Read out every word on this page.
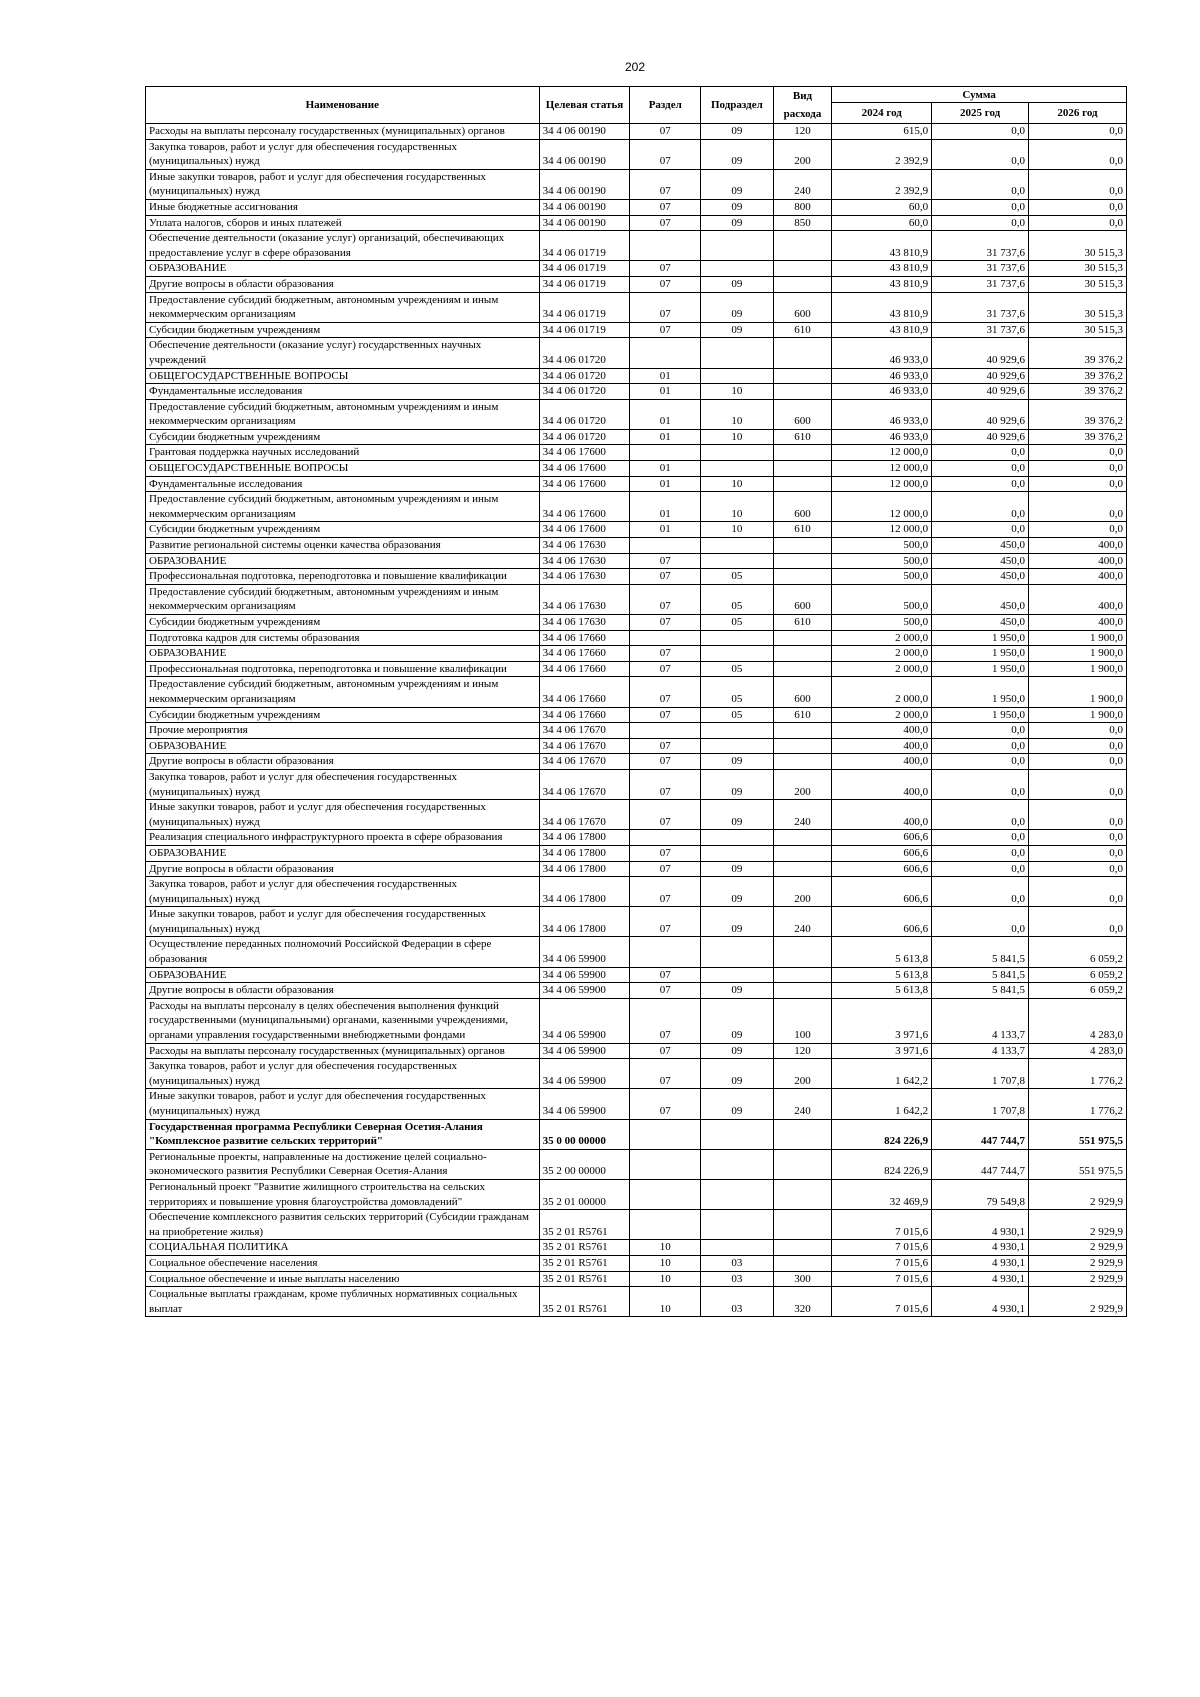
202
Наименование	Целевая статья	Раздел	Подраздел	Вид расхода	Сумма		
					2024 год	2025 год	2026 год
Расходы на выплаты персоналу государственных (муниципальных) органов	34 4 06 00190	07	09	120	615,0	0,0	0,0
Закупка товаров, работ и услуг для обеспечения государственных (муниципальных) нужд	34 4 06 00190	07	09	200	2 392,9	0,0	0,0
Иные закупки товаров, работ и услуг для обеспечения государственных (муниципальных) нужд	34 4 06 00190	07	09	240	2 392,9	0,0	0,0
Иные бюджетные ассигнования	34 4 06 00190	07	09	800	60,0	0,0	0,0
Уплата налогов, сборов и иных платежей	34 4 06 00190	07	09	850	60,0	0,0	0,0
Обеспечение деятельности (оказание услуг) организаций, обеспечивающих предоставление услуг в сфере образования	34 4 06 01719				43 810,9	31 737,6	30 515,3
ОБРАЗОВАНИЕ	34 4 06 01719	07			43 810,9	31 737,6	30 515,3
Другие вопросы в области образования	34 4 06 01719	07	09		43 810,9	31 737,6	30 515,3
Предоставление субсидий бюджетным, автономным учреждениям и иным некоммерческим организациям	34 4 06 01719	07	09	600	43 810,9	31 737,6	30 515,3
Субсидии бюджетным учреждениям	34 4 06 01719	07	09	610	43 810,9	31 737,6	30 515,3
Обеспечение деятельности (оказание услуг) государственных научных учреждений	34 4 06 01720				46 933,0	40 929,6	39 376,2
ОБЩЕГОСУДАРСТВЕННЫЕ ВОПРОСЫ	34 4 06 01720	01			46 933,0	40 929,6	39 376,2
Фундаментальные исследования	34 4 06 01720	01	10		46 933,0	40 929,6	39 376,2
Предоставление субсидий бюджетным, автономным учреждениям и иным некоммерческим организациям	34 4 06 01720	01	10	600	46 933,0	40 929,6	39 376,2
Субсидии бюджетным учреждениям	34 4 06 01720	01	10	610	46 933,0	40 929,6	39 376,2
Грантовая поддержка научных исследований	34 4 06 17600				12 000,0	0,0	0,0
ОБЩЕГОСУДАРСТВЕННЫЕ ВОПРОСЫ	34 4 06 17600	01			12 000,0	0,0	0,0
Фундаментальные исследования	34 4 06 17600	01	10		12 000,0	0,0	0,0
Предоставление субсидий бюджетным, автономным учреждениям и иным некоммерческим организациям	34 4 06 17600	01	10	600	12 000,0	0,0	0,0
Субсидии бюджетным учреждениям	34 4 06 17600	01	10	610	12 000,0	0,0	0,0
Развитие региональной системы оценки качества образования	34 4 06 17630				500,0	450,0	400,0
ОБРАЗОВАНИЕ	34 4 06 17630	07			500,0	450,0	400,0
Профессиональная подготовка, переподготовка и повышение квалификации	34 4 06 17630	07	05		500,0	450,0	400,0
Предоставление субсидий бюджетным, автономным учреждениям и иным некоммерческим организациям	34 4 06 17630	07	05	600	500,0	450,0	400,0
Субсидии бюджетным учреждениям	34 4 06 17630	07	05	610	500,0	450,0	400,0
Подготовка кадров для системы образования	34 4 06 17660				2 000,0	1 950,0	1 900,0
ОБРАЗОВАНИЕ	34 4 06 17660	07			2 000,0	1 950,0	1 900,0
Профессиональная подготовка, переподготовка и повышение квалификации	34 4 06 17660	07	05		2 000,0	1 950,0	1 900,0
Предоставление субсидий бюджетным, автономным учреждениям и иным некоммерческим организациям	34 4 06 17660	07	05	600	2 000,0	1 950,0	1 900,0
Субсидии бюджетным учреждениям	34 4 06 17660	07	05	610	2 000,0	1 950,0	1 900,0
Прочие мероприятия	34 4 06 17670				400,0	0,0	0,0
ОБРАЗОВАНИЕ	34 4 06 17670	07			400,0	0,0	0,0
Другие вопросы в области образования	34 4 06 17670	07	09		400,0	0,0	0,0
Закупка товаров, работ и услуг для обеспечения государственных (муниципальных) нужд	34 4 06 17670	07	09	200	400,0	0,0	0,0
Иные закупки товаров, работ и услуг для обеспечения государственных (муниципальных) нужд	34 4 06 17670	07	09	240	400,0	0,0	0,0
Реализация специального инфраструктурного проекта в сфере образования	34 4 06 17800				606,6	0,0	0,0
ОБРАЗОВАНИЕ	34 4 06 17800	07			606,6	0,0	0,0
Другие вопросы в области образования	34 4 06 17800	07	09		606,6	0,0	0,0
Закупка товаров, работ и услуг для обеспечения государственных (муниципальных) нужд	34 4 06 17800	07	09	200	606,6	0,0	0,0
Иные закупки товаров, работ и услуг для обеспечения государственных (муниципальных) нужд	34 4 06 17800	07	09	240	606,6	0,0	0,0
Осуществление переданных полномочий Российской Федерации в сфере образования	34 4 06 59900				5 613,8	5 841,5	6 059,2
ОБРАЗОВАНИЕ	34 4 06 59900	07			5 613,8	5 841,5	6 059,2
Другие вопросы в области образования	34 4 06 59900	07	09		5 613,8	5 841,5	6 059,2
Расходы на выплаты персоналу в целях обеспечения выполнения функций государственными (муниципальными) органами, казенными учреждениями, органами управления государственными внебюджетными фондами	34 4 06 59900	07	09	100	3 971,6	4 133,7	4 283,0
Расходы на выплаты персоналу государственных (муниципальных) органов	34 4 06 59900	07	09	120	3 971,6	4 133,7	4 283,0
Закупка товаров, работ и услуг для обеспечения государственных (муниципальных) нужд	34 4 06 59900	07	09	200	1 642,2	1 707,8	1 776,2
Иные закупки товаров, работ и услуг для обеспечения государственных (муниципальных) нужд	34 4 06 59900	07	09	240	1 642,2	1 707,8	1 776,2
Государственная программа Республики Северная Осетия-Алания "Комплексное развитие сельских территорий"	35 0 00 00000				824 226,9	447 744,7	551 975,5
Региональные проекты, направленные на достижение целей социально-экономического развития Республики Северная Осетия-Алания	35 2 00 00000				824 226,9	447 744,7	551 975,5
Региональный проект "Развитие жилищного строительства на сельских территориях и повышение уровня благоустройства домовладений"	35 2 01 00000				32 469,9	79 549,8	2 929,9
Обеспечение комплексного развития сельских территорий (Субсидии гражданам на приобретение жилья)	35 2 01 R5761				7 015,6	4 930,1	2 929,9
СОЦИАЛЬНАЯ ПОЛИТИКА	35 2 01 R5761	10			7 015,6	4 930,1	2 929,9
Социальное обеспечение населения	35 2 01 R5761	10	03		7 015,6	4 930,1	2 929,9
Социальное обеспечение и иные выплаты населению	35 2 01 R5761	10	03	300	7 015,6	4 930,1	2 929,9
Социальные выплаты гражданам, кроме публичных нормативных социальных выплат	35 2 01 R5761	10	03	320	7 015,6	4 930,1	2 929,9
